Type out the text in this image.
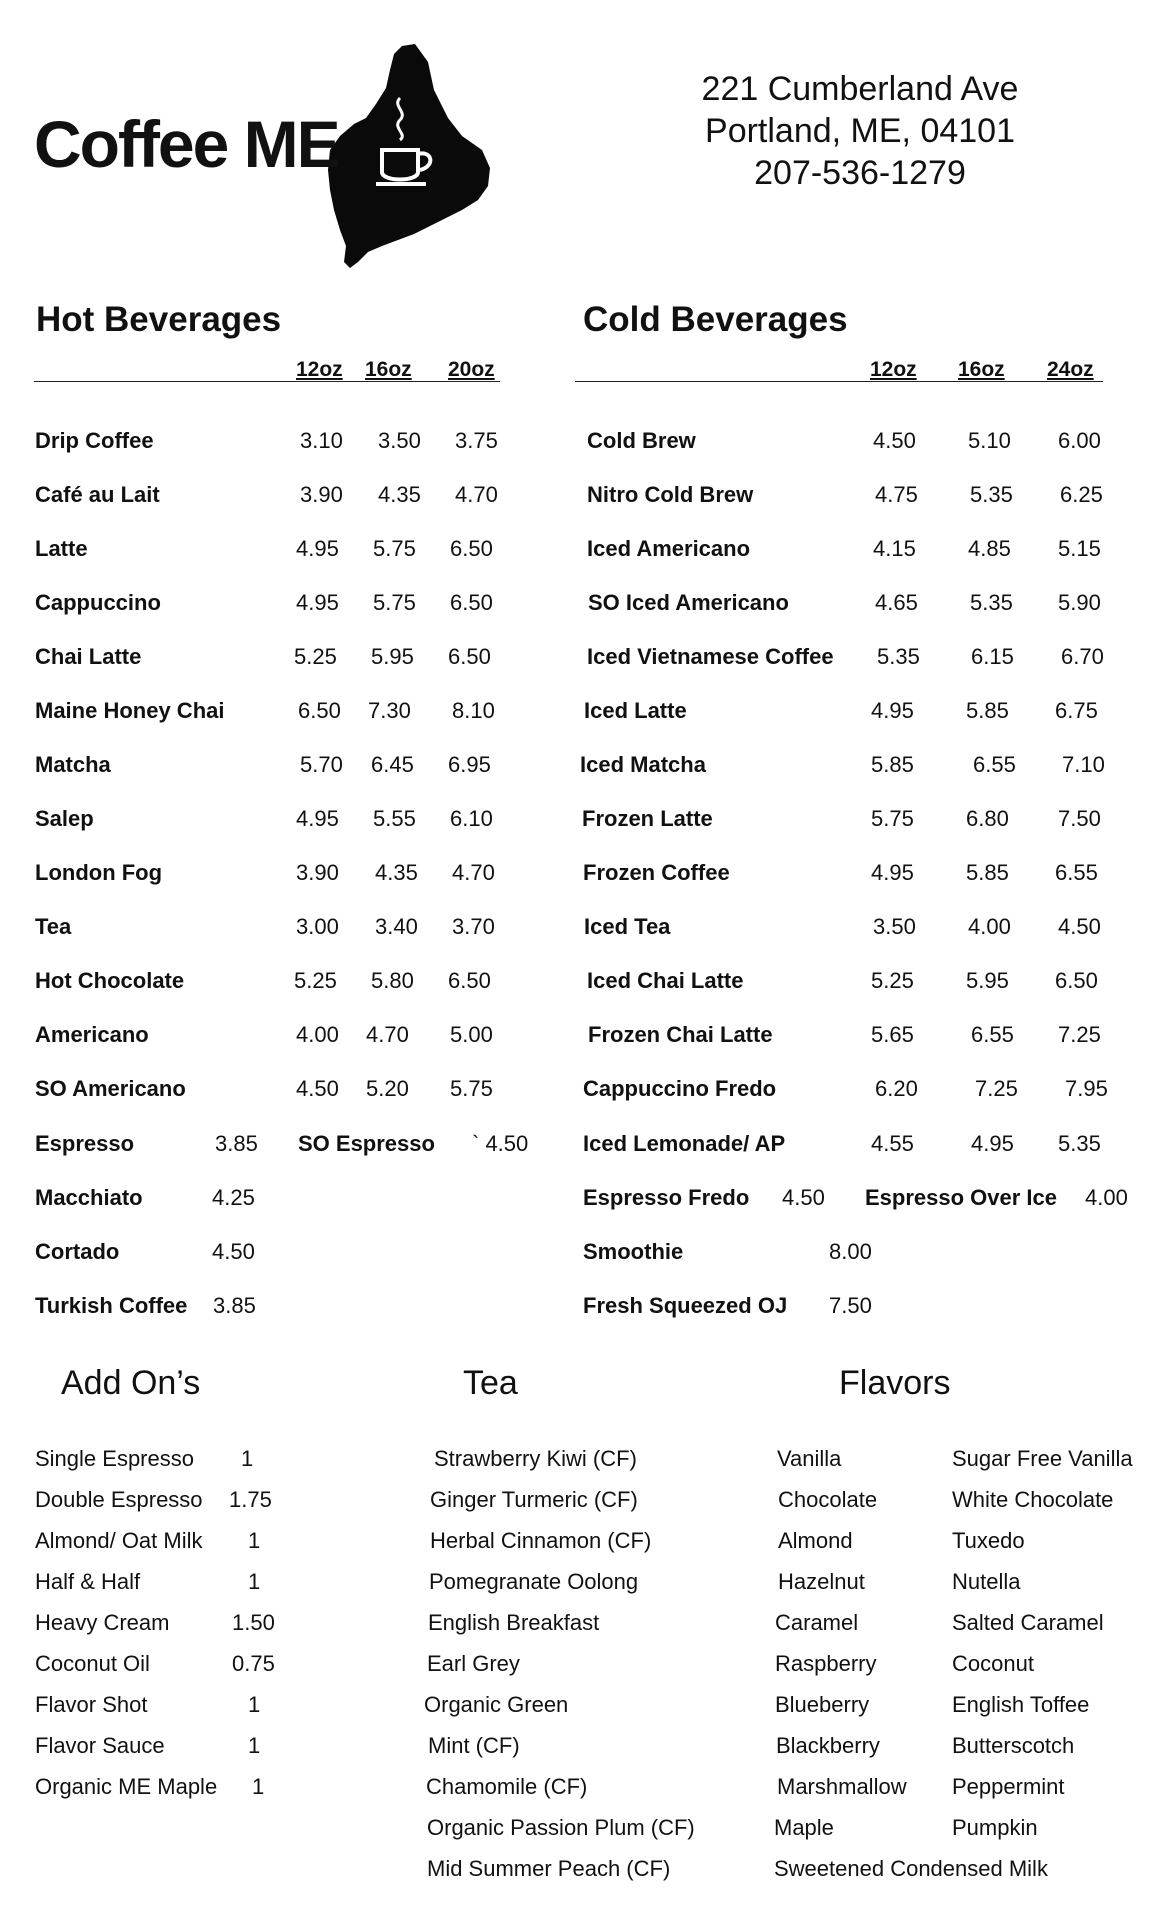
Coffee ME
221 Cumberland Ave
Portland, ME, 04101
207-536-1279
Hot Beverages
12oz 16oz 20oz
Drip Coffee	3.10 3.50 3.75
Café au Lait	3.90 4.35 4.70
Latte	4.95 5.75 6.50
Cappuccino	4.95 5.75 6.50
Chai Latte	5.25 5.95 6.50
Maine Honey Chai	6.50 7.30 8.10
Matcha	5.70 6.45 6.95
Salep	4.95 5.55 6.10
London Fog	3.90 4.35 4.70
Tea	3.00 3.40 3.70
Hot Chocolate	5.25 5.80 6.50
Americano	4.00 4.70 5.00
SO Americano	4.50 5.20 5.75
Espresso	3.85 SO Espresso ` 4.50
Macchiato	4.25
Cortado	4.50
Turkish Coffee 3.85
Cold Beverages
12oz 16oz 24oz
Cold Brew	4.50 5.10 6.00
Nitro Cold Brew	4.75 5.35 6.25
Iced Americano	4.15 4.85 5.15
SO Iced Americano	4.65 5.35 5.90
Iced Vietnamese Coffee 5.35 6.15 6.70
Iced Latte	4.95 5.85 6.75
Iced Matcha	5.85	6.55 7.10
Frozen Latte	5.75 6.80 7.50
Frozen Coffee	4.95 5.85 6.55
Iced Tea	3.50 4.00 4.50
Iced Chai Latte	5.25 5.95 6.50
Frozen Chai Latte	5.65	6.55 7.25
Cappuccino Fredo	6.20	7.25 7.95
Iced Lemonade/ AP	4.55	4.95 5.35
Espresso Fredo 4.50 Espresso Over Ice 4.00
Smoothie	8.00
Fresh Squeezed OJ 7.50
Add On’s
Single Espresso 1
Double Espresso 1.75
Almond/ Oat Milk 1
Half & Half	1
Heavy Cream	1.50
Coconut Oil	0.75
Flavor Shot	1
Flavor Sauce	1
Organic ME Maple 1
Tea
Strawberry Kiwi (CF)
Ginger Turmeric (CF)
Herbal Cinnamon (CF)
Pomegranate Oolong
English Breakfast
Earl Grey
Organic Green
Mint (CF)
Chamomile (CF)
Organic Passion Plum (CF)
Mid Summer Peach (CF)
Flavors
Vanilla	Sugar Free Vanilla
Chocolate	White Chocolate
Almond	Tuxedo
Hazelnut	Nutella
Caramel	Salted Caramel
Raspberry	Coconut
Blueberry	English Toffee
Blackberry	Butterscotch
Marshmallow Peppermint
Maple	Pumpkin
Sweetened Condensed Milk
